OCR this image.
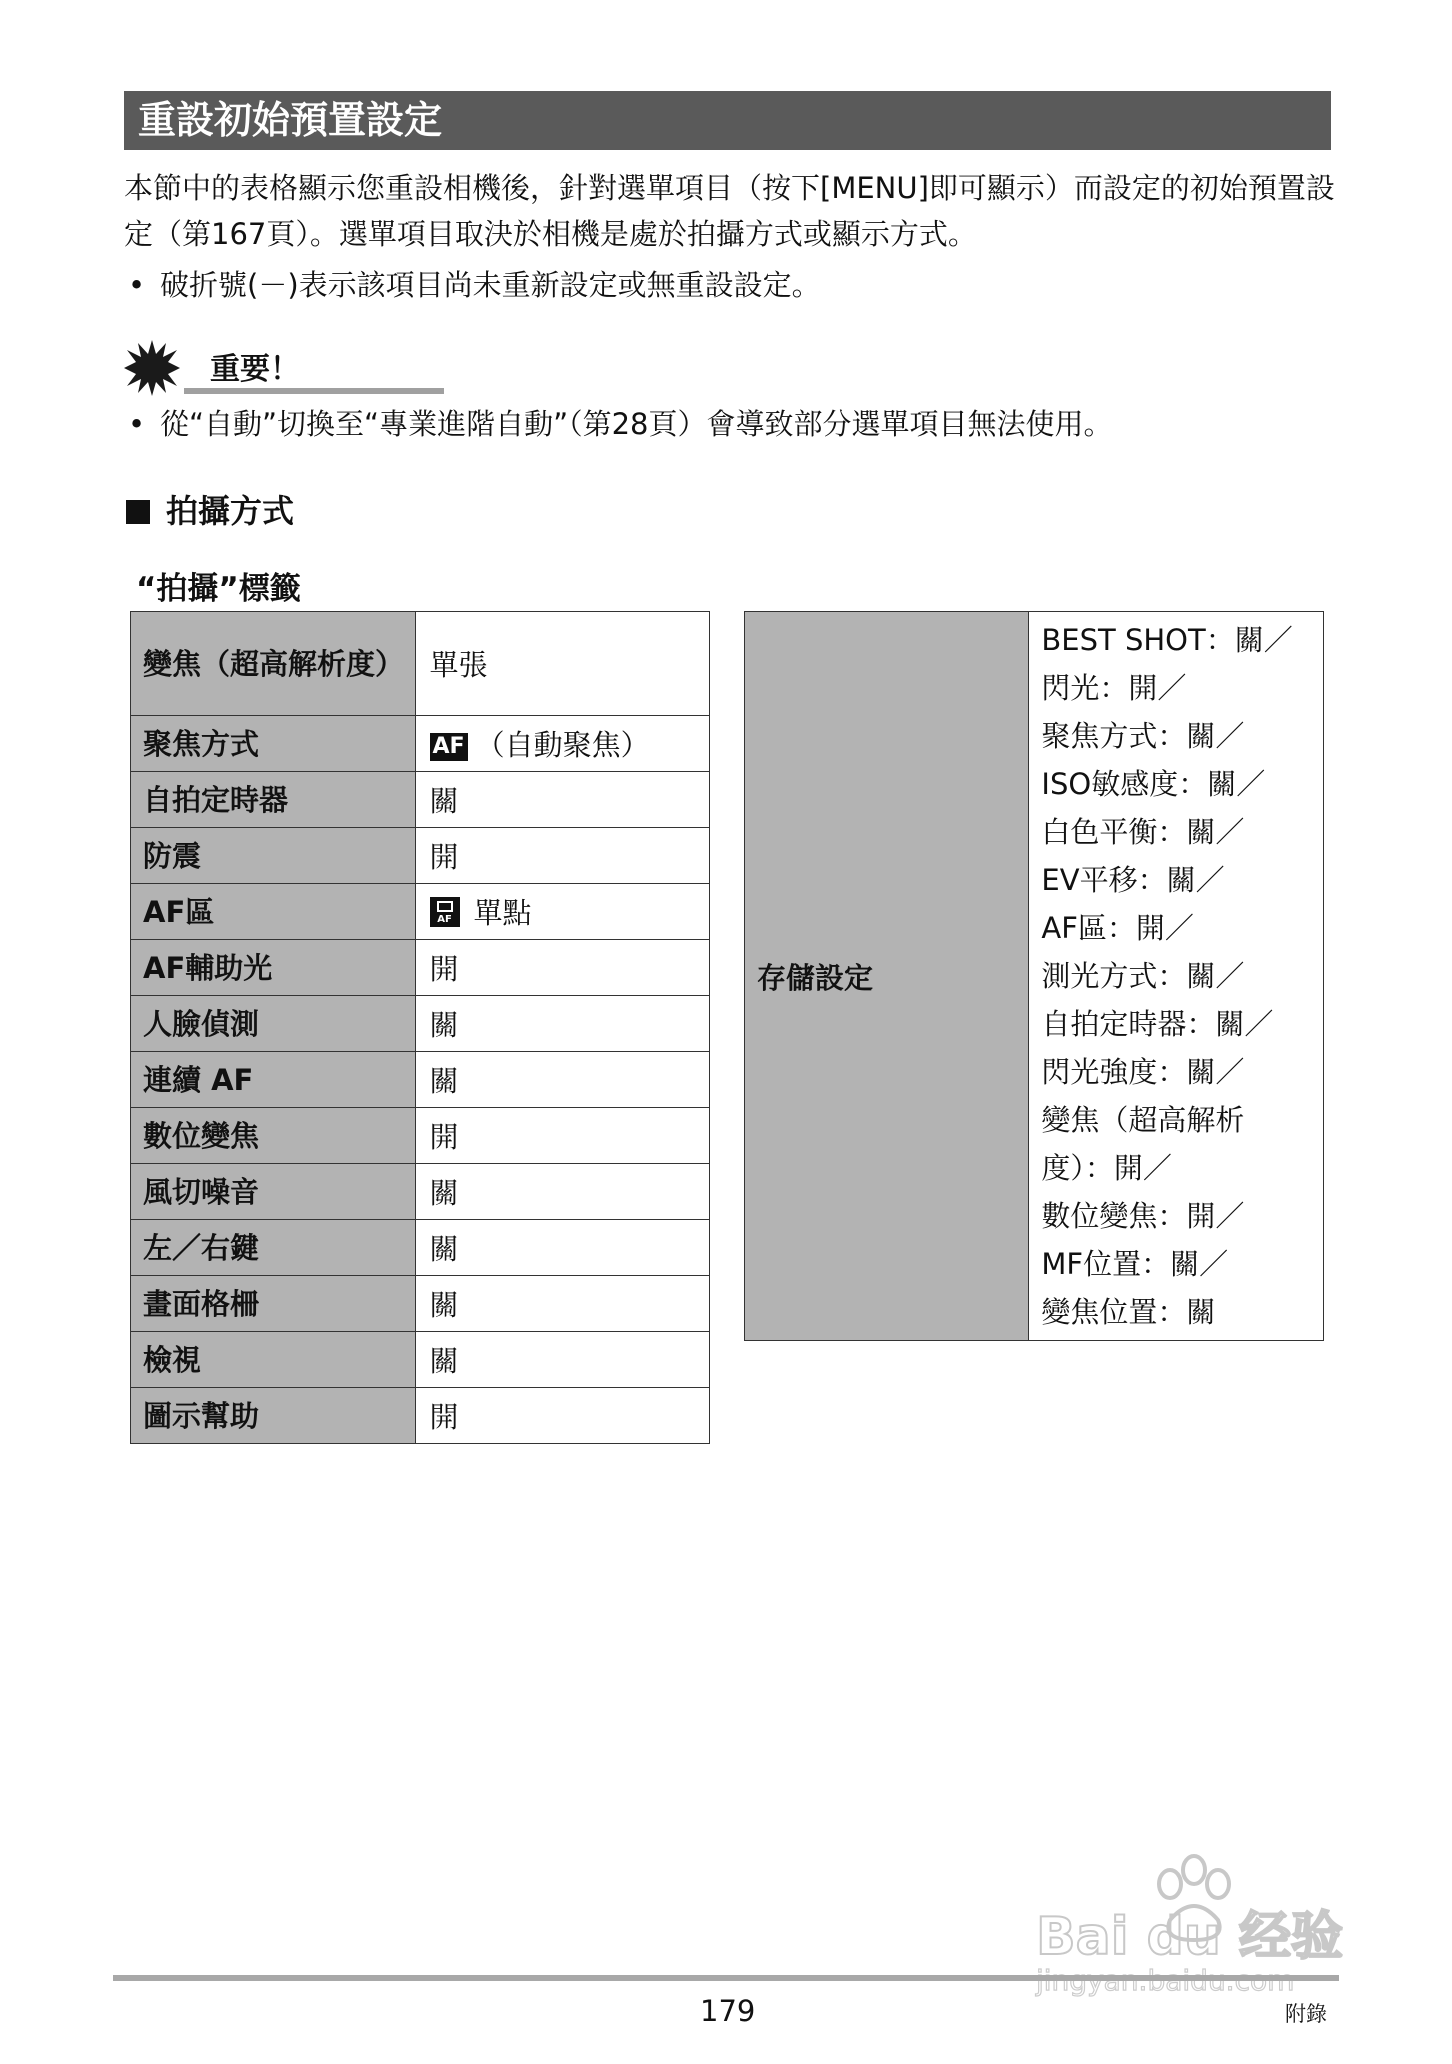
重設初始預置設定
本節中的表格顯示您重設相機後，針對選單項目（按下[MENU]即可顯示）而設定的初始預置設定（第167頁）。選單項目取決於相機是處於拍攝方式或顯示方式。
• 破折號(－)表示該項目尚未重新設定或無重設設定。
重要！
• 從“自動”切換至“專業進階自動”（第28頁）會導致部分選單項目無法使用。
拍攝方式
“拍攝”標籤
變焦（超高解析度）	單張
聚焦方式	AF （自動聚焦）
自拍定時器	關
防震	開
AF區	AF 單點
AF輔助光	開
人臉偵測	關
連續 AF	關
數位變焦	開
風切噪音	關
左／右鍵	關
畫面格柵	關
檢視	關
圖示幫助	開
存儲設定	
BEST SHOT：關／
閃光：開／
聚焦方式：關／
ISO敏感度：關／
白色平衡：關／
EV平移：關／
AF區：開／
測光方式：關／
自拍定時器：關／
閃光強度：關／
變焦（超高解析
度）：開／
數位變焦：開／
MF位置：關／
變焦位置：關
Bai du 经验
179	附錄
